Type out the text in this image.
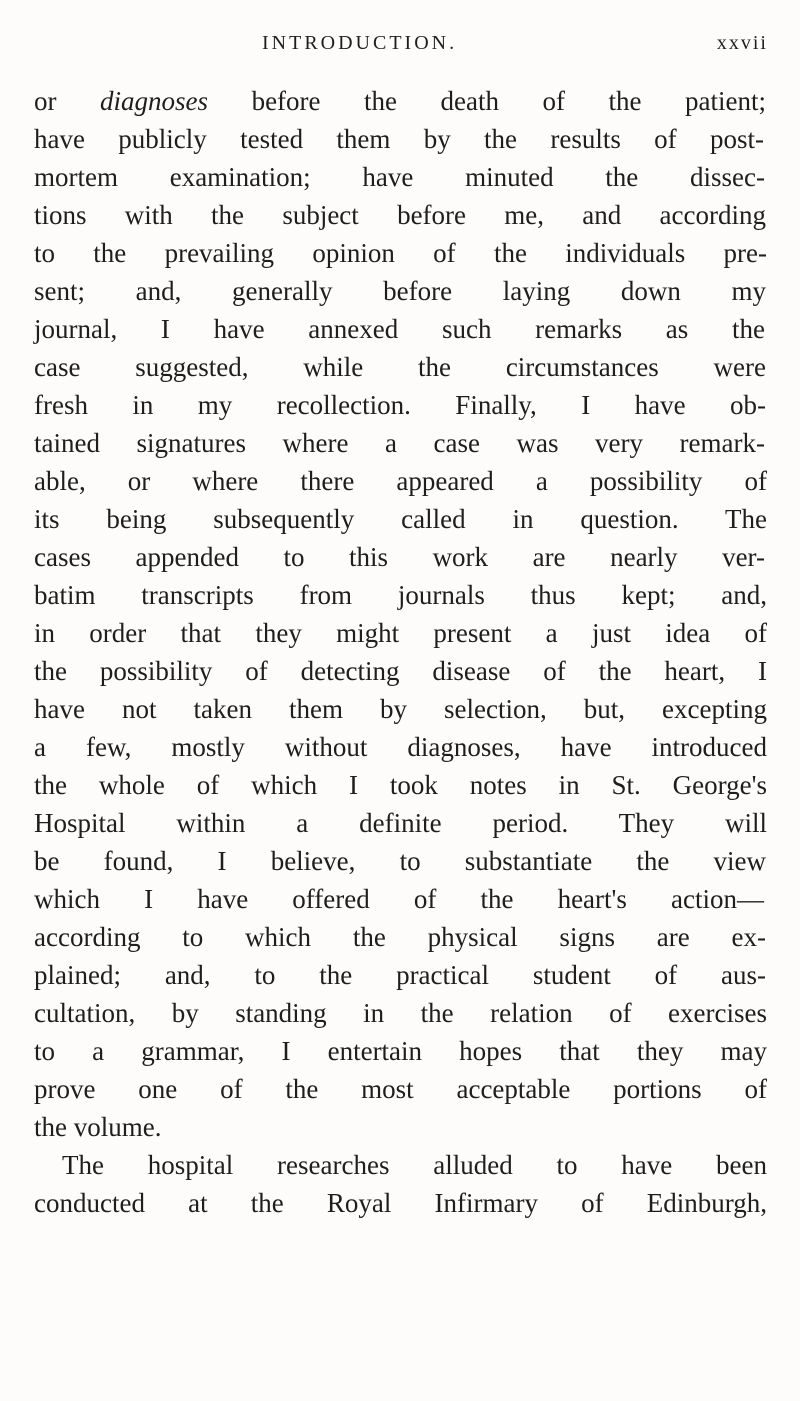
INTRODUCTION.	xxvii
or diagnoses before the death of the patient;
have publicly tested them by the results of post-
mortem examination; have minuted the dissec-
tions with the subject before me, and according
to the prevailing opinion of the individuals pre-
sent; and, generally before laying down my
journal, I have annexed such remarks as the
case suggested, while the circumstances were
fresh in my recollection. Finally, I have ob-
tained signatures where a case was very remark-
able, or where there appeared a possibility of
its being subsequently called in question. The
cases appended to this work are nearly ver-
batim transcripts from journals thus kept; and,
in order that they might present a just idea of
the possibility of detecting disease of the heart, I
have not taken them by selection, but, excepting
a few, mostly without diagnoses, have introduced
the whole of which I took notes in St. George's
Hospital within a definite period. They will
be found, I believe, to substantiate the view
which I have offered of the heart's action—
according to which the physical signs are ex-
plained; and, to the practical student of aus-
cultation, by standing in the relation of exercises
to a grammar, I entertain hopes that they may
prove one of the most acceptable portions of
the volume.
The hospital researches alluded to have been
conducted at the Royal Infirmary of Edinburgh,
